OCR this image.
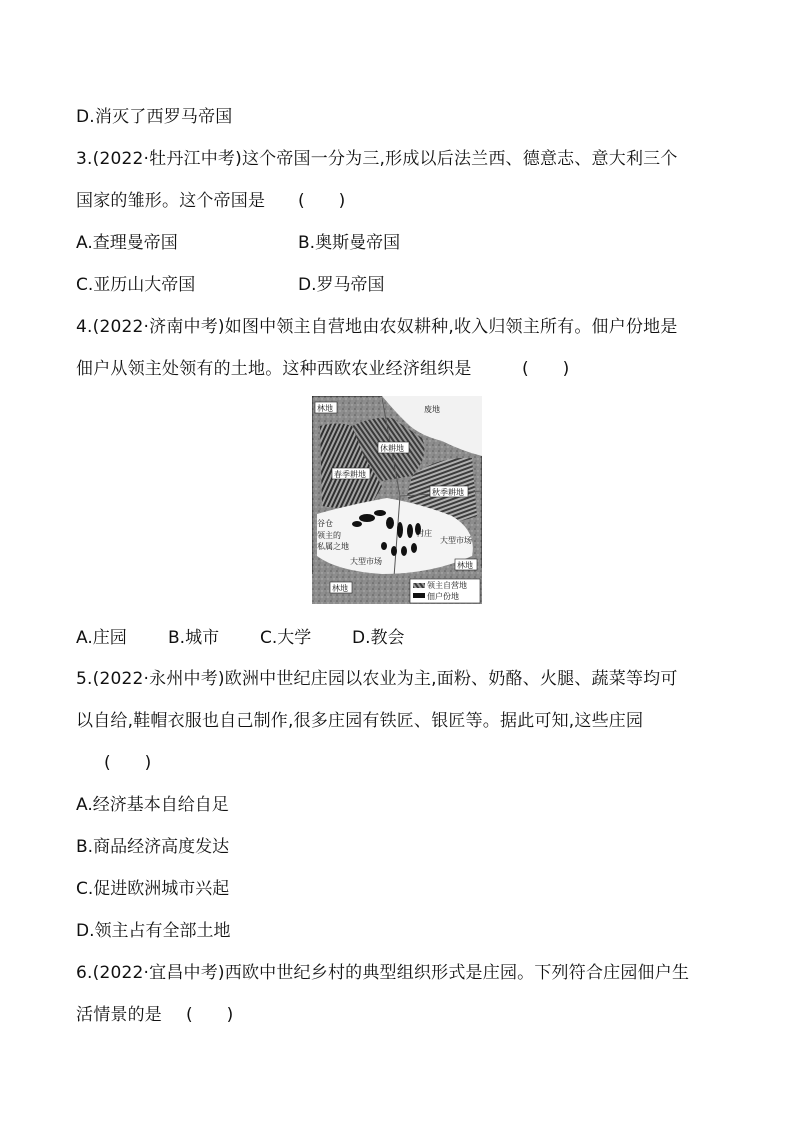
D.消灭了西罗马帝国
3.(2022·牡丹江中考)这个帝国一分为三,形成以后法兰西、德意志、意大利三个
国家的雏形。这个帝国是 (　　)
A.查理曼帝国	B.奥斯曼帝国
C.亚历山大帝国	D.罗马帝国
4.(2022·济南中考)如图中领主自营地由农奴耕种,收入归领主所有。佃户份地是
佃户从领主处领有的土地。这种西欧农业经济组织是	(　　)
林地	废地
休耕地
春季耕地
秋季耕地
谷仓
领主的
私属之地
村庄
大型市场
大型市场	林地
林地	领主自营地
佃户份地
A.庄园 B.城市 C.大学 D.教会
5.(2022·永州中考)欧洲中世纪庄园以农业为主,面粉、奶酪、火腿、蔬菜等均可
以自给,鞋帽衣服也自己制作,很多庄园有铁匠、银匠等。据此可知,这些庄园
(　　)
A.经济基本自给自足
B.商品经济高度发达
C.促进欧洲城市兴起
D.领主占有全部土地
6.(2022·宜昌中考)西欧中世纪乡村的典型组织形式是庄园。下列符合庄园佃户生
活情景的是 (　　)
